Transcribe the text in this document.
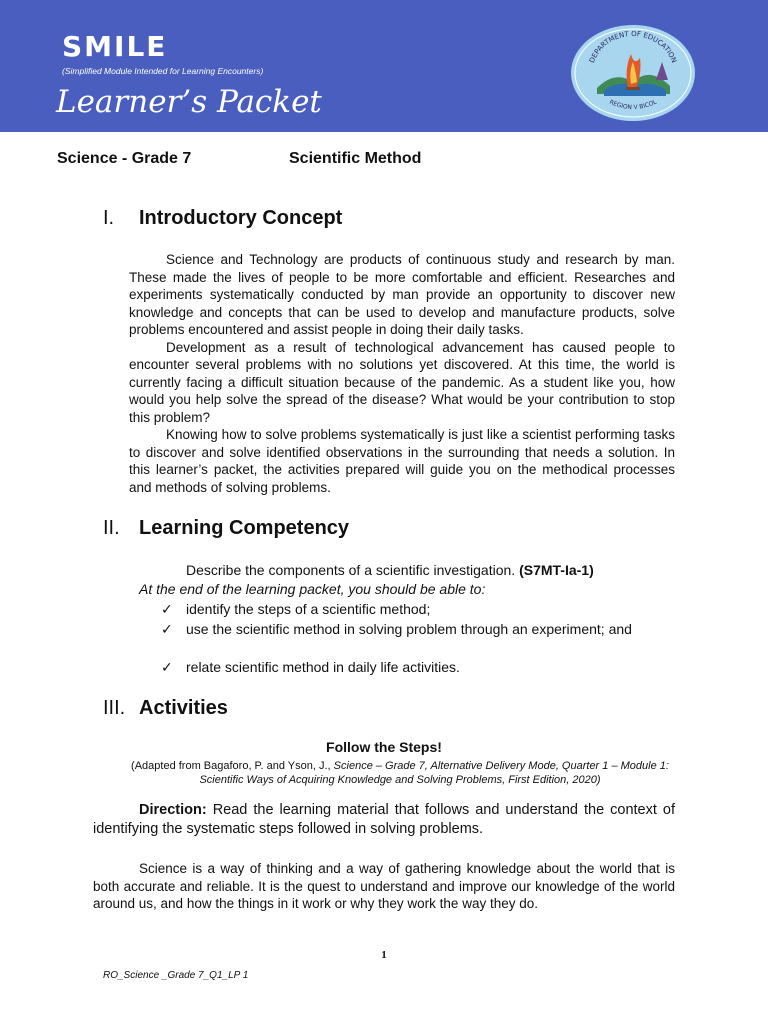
SMILE
(Simplified Module Intended for Learning Encounters)
Learner’s Packet
DEPARTMENT OF EDUCATION
REGION V BICOL
Science - Grade 7	Scientific Method
I. Introductory Concept

Science and Technology are products of continuous study and research by man. These made the lives of people to be more comfortable and efficient. Researches and experiments systematically conducted by man provide an opportunity to discover new knowledge and concepts that can be used to develop and manufacture products, solve problems encountered and assist people in doing their daily tasks.

Development as a result of technological advancement has caused people to encounter several problems with no solutions yet discovered. At this time, the world is currently facing a difficult situation because of the pandemic. As a student like you, how would you help solve the spread of the disease? What would be your contribution to stop this problem?

Knowing how to solve problems systematically is just like a scientist performing tasks to discover and solve identified observations in the surrounding that needs a solution. In this learner’s packet, the activities prepared will guide you on the methodical processes and methods of solving problems.

II. Learning Competency
Describe the components of a scientific investigation. (S7MT-Ia-1)
At the end of the learning packet, you should be able to:
✓ identify the steps of a scientific method;
✓ use the scientific method in solving problem through an experiment; and
✓ relate scientific method in daily life activities.
III. Activities
Follow the Steps!
(Adapted from Bagaforo, P. and Yson, J., Science – Grade 7, Alternative Delivery Mode, Quarter 1 – Module 1: Scientific Ways of Acquiring Knowledge and Solving Problems, First Edition, 2020)
Direction: Read the learning material that follows and understand the context of identifying the systematic steps followed in solving problems.
Science is a way of thinking and a way of gathering knowledge about the world that is both accurate and reliable. It is the quest to understand and improve our knowledge of the world around us, and how the things in it work or why they work the way they do.
1
RO_Science _Grade 7_Q1_LP 1
